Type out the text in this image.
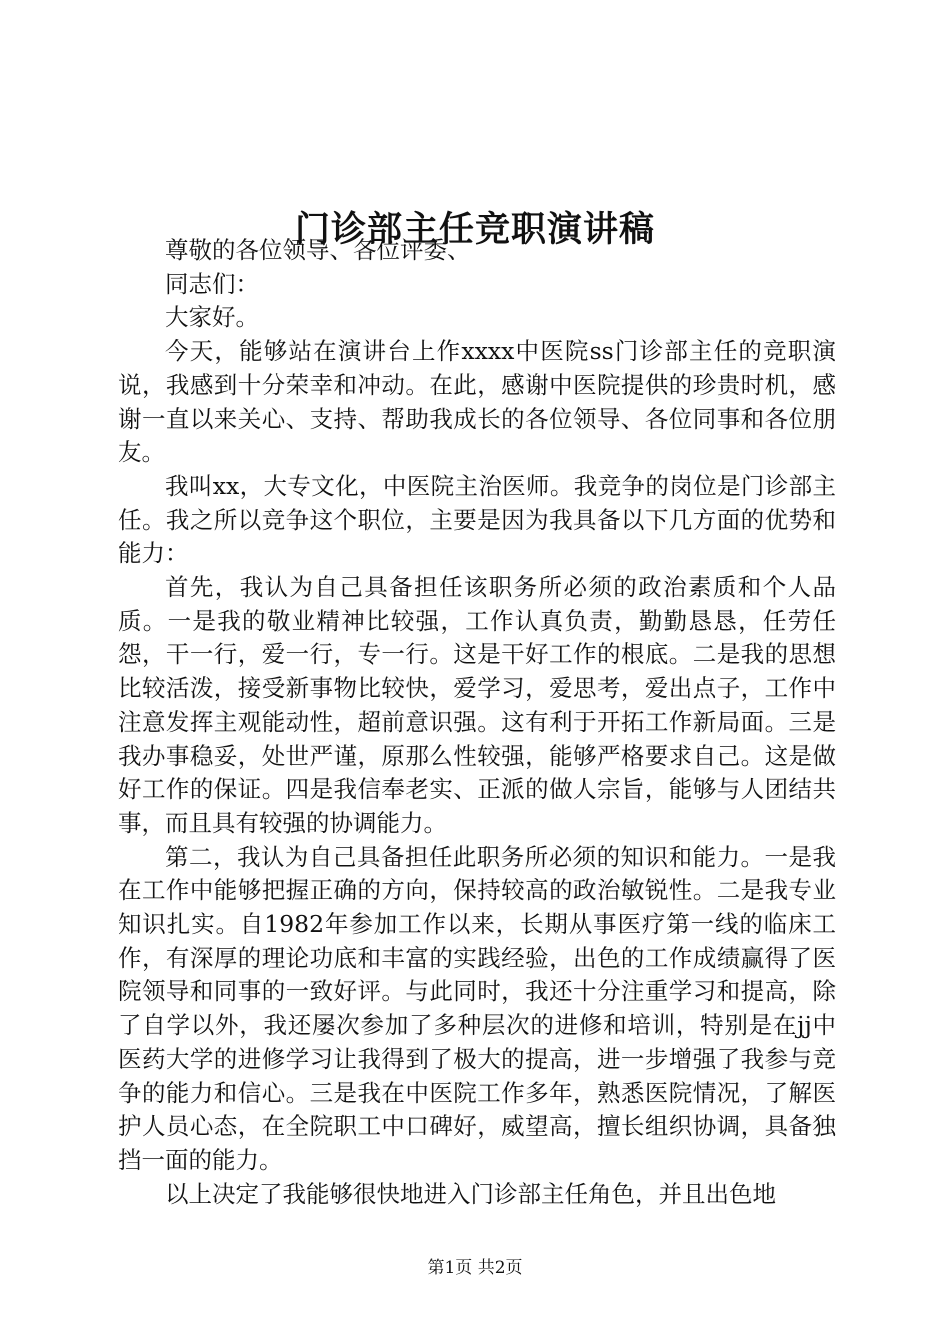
门诊部主任竞职演讲稿

尊敬的各位领导、各位评委、

同志们：

大家好。

今天，能够站在演讲台上作xxxx中医院ss门诊部主任的竞职演说，我感到十分荣幸和冲动。在此，感谢中医院提供的珍贵时机，感谢一直以来关心、支持、帮助我成长的各位领导、各位同事和各位朋友。

我叫xx，大专文化，中医院主治医师。我竞争的岗位是门诊部主任。我之所以竞争这个职位，主要是因为我具备以下几方面的优势和能力：

首先，我认为自己具备担任该职务所必须的政治素质和个人品质。一是我的敬业精神比较强，工作认真负责，勤勤恳恳，任劳任怨，干一行，爱一行，专一行。这是干好工作的根底。二是我的思想比较活泼，接受新事物比较快，爱学习，爱思考，爱出点子，工作中注意发挥主观能动性，超前意识强。这有利于开拓工作新局面。三是我办事稳妥，处世严谨，原那么性较强，能够严格要求自己。这是做好工作的保证。四是我信奉老实、正派的做人宗旨，能够与人团结共事，而且具有较强的协调能力。

第二，我认为自己具备担任此职务所必须的知识和能力。一是我在工作中能够把握正确的方向，保持较高的政治敏锐性。二是我专业知识扎实。自1982年参加工作以来，长期从事医疗第一线的临床工作，有深厚的理论功底和丰富的实践经验，出色的工作成绩赢得了医院领导和同事的一致好评。与此同时，我还十分注重学习和提高，除了自学以外，我还屡次参加了多种层次的进修和培训，特别是在jj中医药大学的进修学习让我得到了极大的提高，进一步增强了我参与竞争的能力和信心。三是我在中医院工作多年，熟悉医院情况，了解医护人员心态，在全院职工中口碑好，威望高，擅长组织协调，具备独挡一面的能力。

以上决定了我能够很快地进入门诊部主任角色，并且出色地

第1页 共2页
